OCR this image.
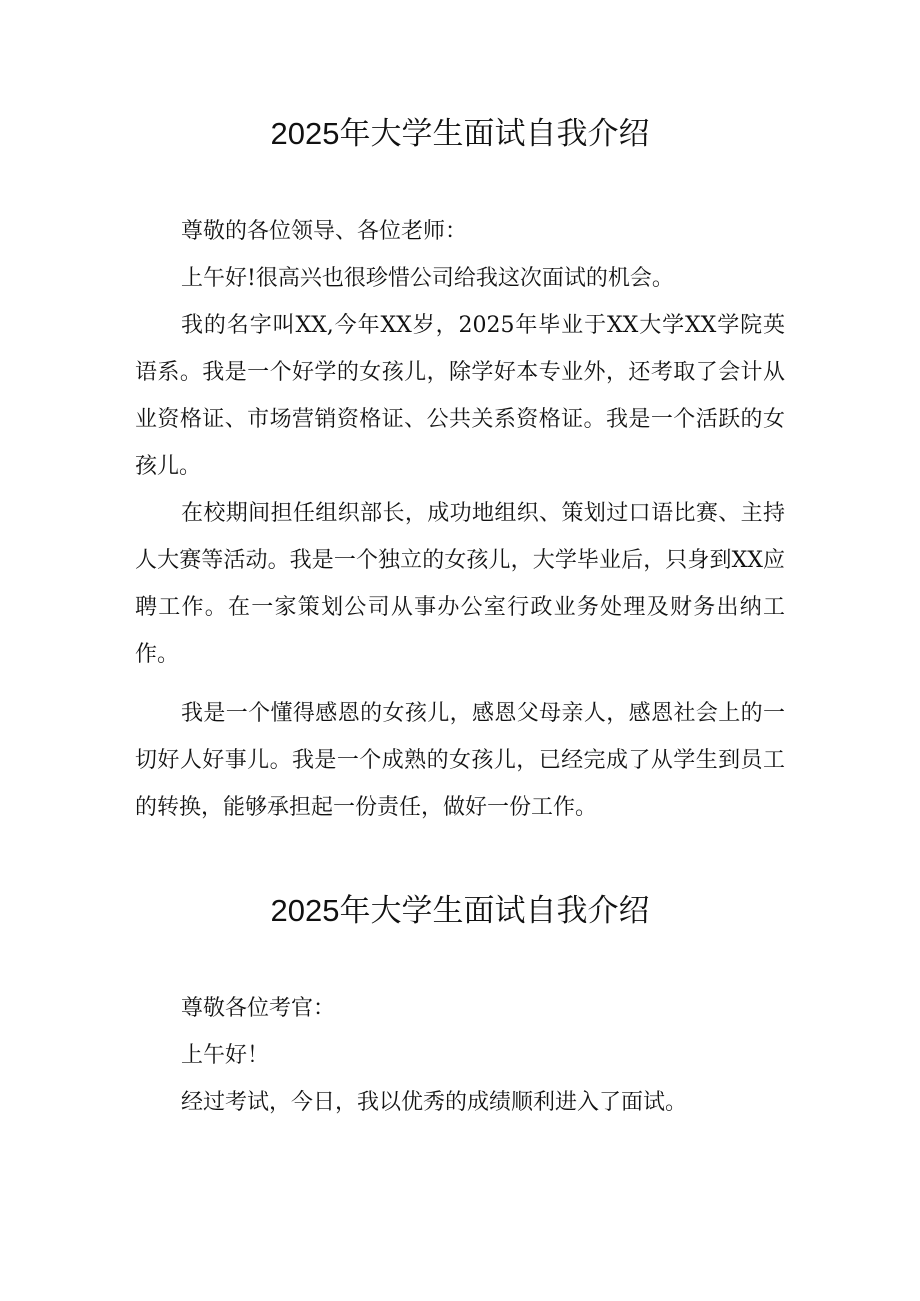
2025年大学生面试自我介绍

尊敬的各位领导、各位老师：

上午好!很高兴也很珍惜公司给我这次面试的机会。

我的名字叫XX,今年XX岁，2025年毕业于XX大学XX学院英语系。我是一个好学的女孩儿，除学好本专业外，还考取了会计从业资格证、市场营销资格证、公共关系资格证。我是一个活跃的女孩儿。

在校期间担任组织部长，成功地组织、策划过口语比赛、主持人大赛等活动。我是一个独立的女孩儿，大学毕业后，只身到XX应聘工作。在一家策划公司从事办公室行政业务处理及财务出纳工作。

我是一个懂得感恩的女孩儿，感恩父母亲人，感恩社会上的一切好人好事儿。我是一个成熟的女孩儿，已经完成了从学生到员工的转换，能够承担起一份责任，做好一份工作。

2025年大学生面试自我介绍

尊敬各位考官：

上午好！

经过考试，今日，我以优秀的成绩顺利进入了面试。
